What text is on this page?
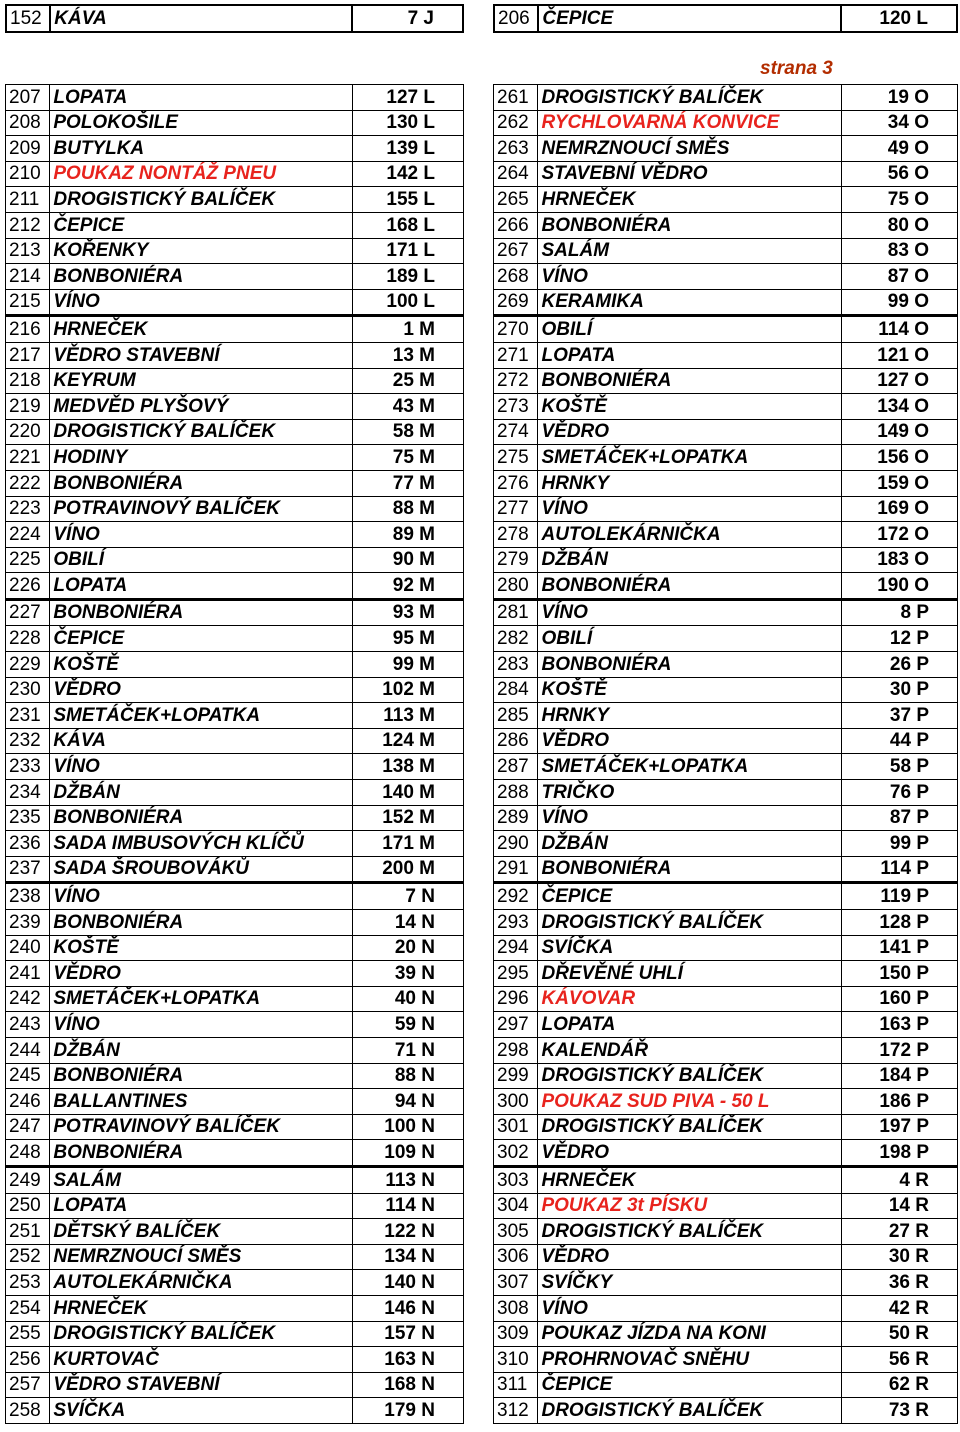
152	KÁVA	7 J	206	ČEPICE	120 L
strana 3
207	LOPATA	127 L
208	POLOKOŠILE	130 L
209	BUTYLKA	139 L
210	POUKAZ NONTÁŽ PNEU	142 L
211	DROGISTICKÝ BALÍČEK	155 L
212	ČEPICE	168 L
213	KOŘENKY	171 L
214	BONBONIÉRA	189 L
215	VÍNO	100 L
216	HRNEČEK	1 M
217	VĚDRO STAVEBNÍ	13 M
218	KEYRUM	25 M
219	MEDVĚD PLYŠOVÝ	43 M
220	DROGISTICKÝ BALÍČEK	58 M
221	HODINY	75 M
222	BONBONIÉRA	77 M
223	POTRAVINOVÝ BALÍČEK	88 M
224	VÍNO	89 M
225	OBILÍ	90 M
226	LOPATA	92 M
227	BONBONIÉRA	93 M
228	ČEPICE	95 M
229	KOŠTĚ	99 M
230	VĚDRO	102 M
231	SMETÁČEK+LOPATKA	113 M
232	KÁVA	124 M
233	VÍNO	138 M
234	DŽBÁN	140 M
235	BONBONIÉRA	152 M
236	SADA IMBUSOVÝCH KLÍČŮ	171 M
237	SADA ŠROUBOVÁKŮ	200 M
238	VÍNO	7 N
239	BONBONIÉRA	14 N
240	KOŠTĚ	20 N
241	VĚDRO	39 N
242	SMETÁČEK+LOPATKA	40 N
243	VÍNO	59 N
244	DŽBÁN	71 N
245	BONBONIÉRA	88 N
246	BALLANTINES	94 N
247	POTRAVINOVÝ BALÍČEK	100 N
248	BONBONIÉRA	109 N
249	SALÁM	113 N
250	LOPATA	114 N
251	DĚTSKÝ BALÍČEK	122 N
252	NEMRZNOUCÍ SMĚS	134 N
253	AUTOLEKÁRNIČKA	140 N
254	HRNEČEK	146 N
255	DROGISTICKÝ BALÍČEK	157 N
256	KURTOVAČ	163 N
257	VĚDRO STAVEBNÍ	168 N
258	SVÍČKA	179 N
261	DROGISTICKÝ BALÍČEK	19 O
262	RYCHLOVARNÁ KONVICE	34 O
263	NEMRZNOUCÍ SMĚS	49 O
264	STAVEBNÍ VĚDRO	56 O
265	HRNEČEK	75 O
266	BONBONIÉRA	80 O
267	SALÁM	83 O
268	VÍNO	87 O
269	KERAMIKA	99 O
270	OBILÍ	114 O
271	LOPATA	121 O
272	BONBONIÉRA	127 O
273	KOŠTĚ	134 O
274	VĚDRO	149 O
275	SMETÁČEK+LOPATKA	156 O
276	HRNKY	159 O
277	VÍNO	169 O
278	AUTOLEKÁRNIČKA	172 O
279	DŽBÁN	183 O
280	BONBONIÉRA	190 O
281	VÍNO	8 P
282	OBILÍ	12 P
283	BONBONIÉRA	26 P
284	KOŠTĚ	30 P
285	HRNKY	37 P
286	VĚDRO	44 P
287	SMETÁČEK+LOPATKA	58 P
288	TRIČKO	76 P
289	VÍNO	87 P
290	DŽBÁN	99 P
291	BONBONIÉRA	114 P
292	ČEPICE	119 P
293	DROGISTICKÝ BALÍČEK	128 P
294	SVÍČKA	141 P
295	DŘEVĚNÉ UHLÍ	150 P
296	KÁVOVAR	160 P
297	LOPATA	163 P
298	KALENDÁŘ	172 P
299	DROGISTICKÝ BALÍČEK	184 P
300	POUKAZ SUD PIVA - 50 L	186 P
301	DROGISTICKÝ BALÍČEK	197 P
302	VĚDRO	198 P
303	HRNEČEK	4 R
304	POUKAZ 3t PÍSKU	14 R
305	DROGISTICKÝ BALÍČEK	27 R
306	VĚDRO	30 R
307	SVÍČKY	36 R
308	VÍNO	42 R
309	POUKAZ JÍZDA NA KONI	50 R
310	PROHRNOVAČ SNĚHU	56 R
311	ČEPICE	62 R
312	DROGISTICKÝ BALÍČEK	73 R
